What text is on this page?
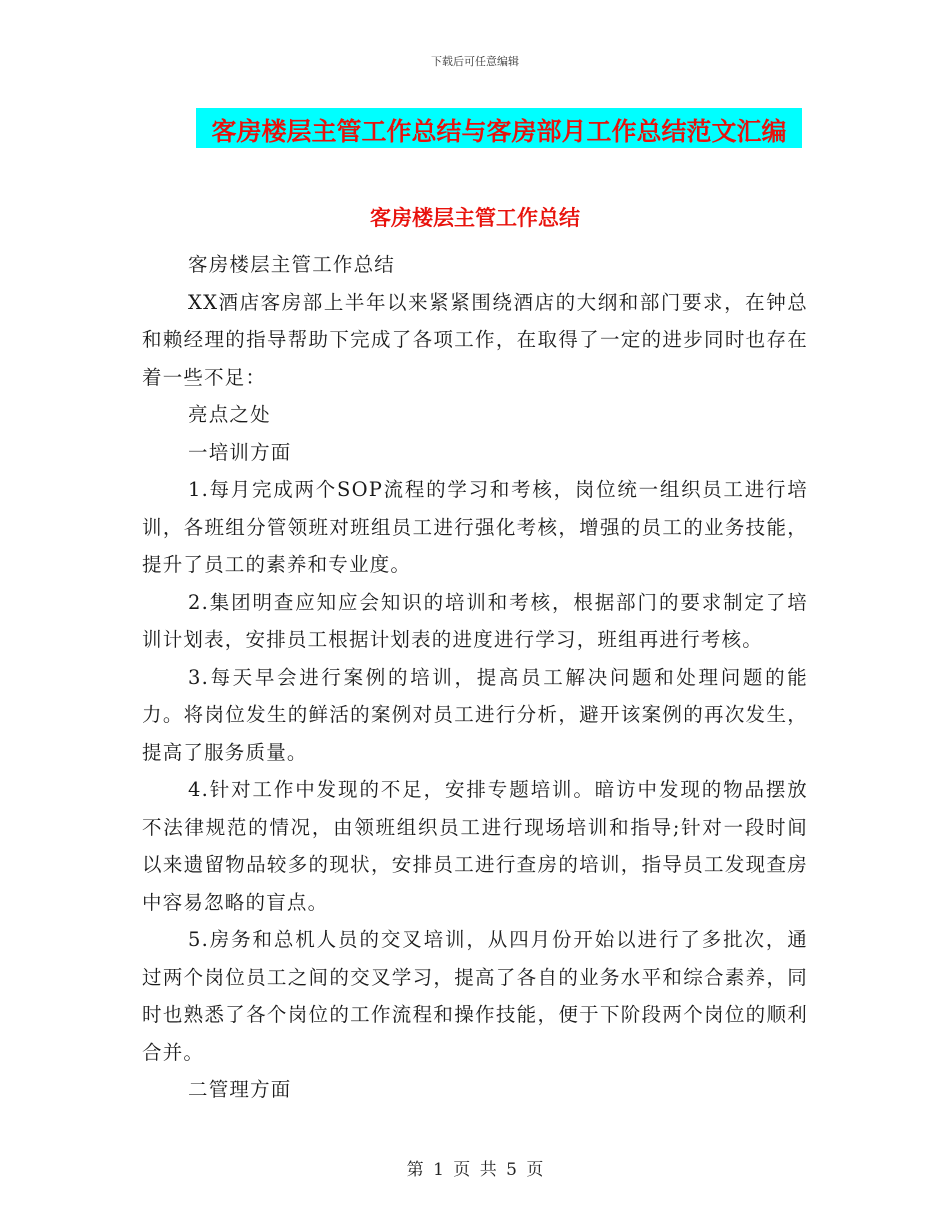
下载后可任意编辑
客房楼层主管工作总结与客房部月工作总结范文汇编
客房楼层主管工作总结

客房楼层主管工作总结

XX酒店客房部上半年以来紧紧围绕酒店的大纲和部门要求，在钟总和赖经理的指导帮助下完成了各项工作，在取得了一定的进步同时也存在着一些不足：

亮点之处

一培训方面

1.每月完成两个SOP流程的学习和考核，岗位统一组织员工进行培训，各班组分管领班对班组员工进行强化考核，增强的员工的业务技能，提升了员工的素养和专业度。

2.集团明查应知应会知识的培训和考核，根据部门的要求制定了培训计划表，安排员工根据计划表的进度进行学习，班组再进行考核。

3.每天早会进行案例的培训，提高员工解决问题和处理问题的能力。将岗位发生的鲜活的案例对员工进行分析，避开该案例的再次发生，提高了服务质量。

4.针对工作中发现的不足，安排专题培训。暗访中发现的物品摆放不法律规范的情况，由领班组织员工进行现场培训和指导;针对一段时间以来遗留物品较多的现状，安排员工进行查房的培训，指导员工发现查房中容易忽略的盲点。

5.房务和总机人员的交叉培训，从四月份开始以进行了多批次，通过两个岗位员工之间的交叉学习，提高了各自的业务水平和综合素养，同时也熟悉了各个岗位的工作流程和操作技能，便于下阶段两个岗位的顺利合并。

二管理方面

第 1 页 共 5 页
